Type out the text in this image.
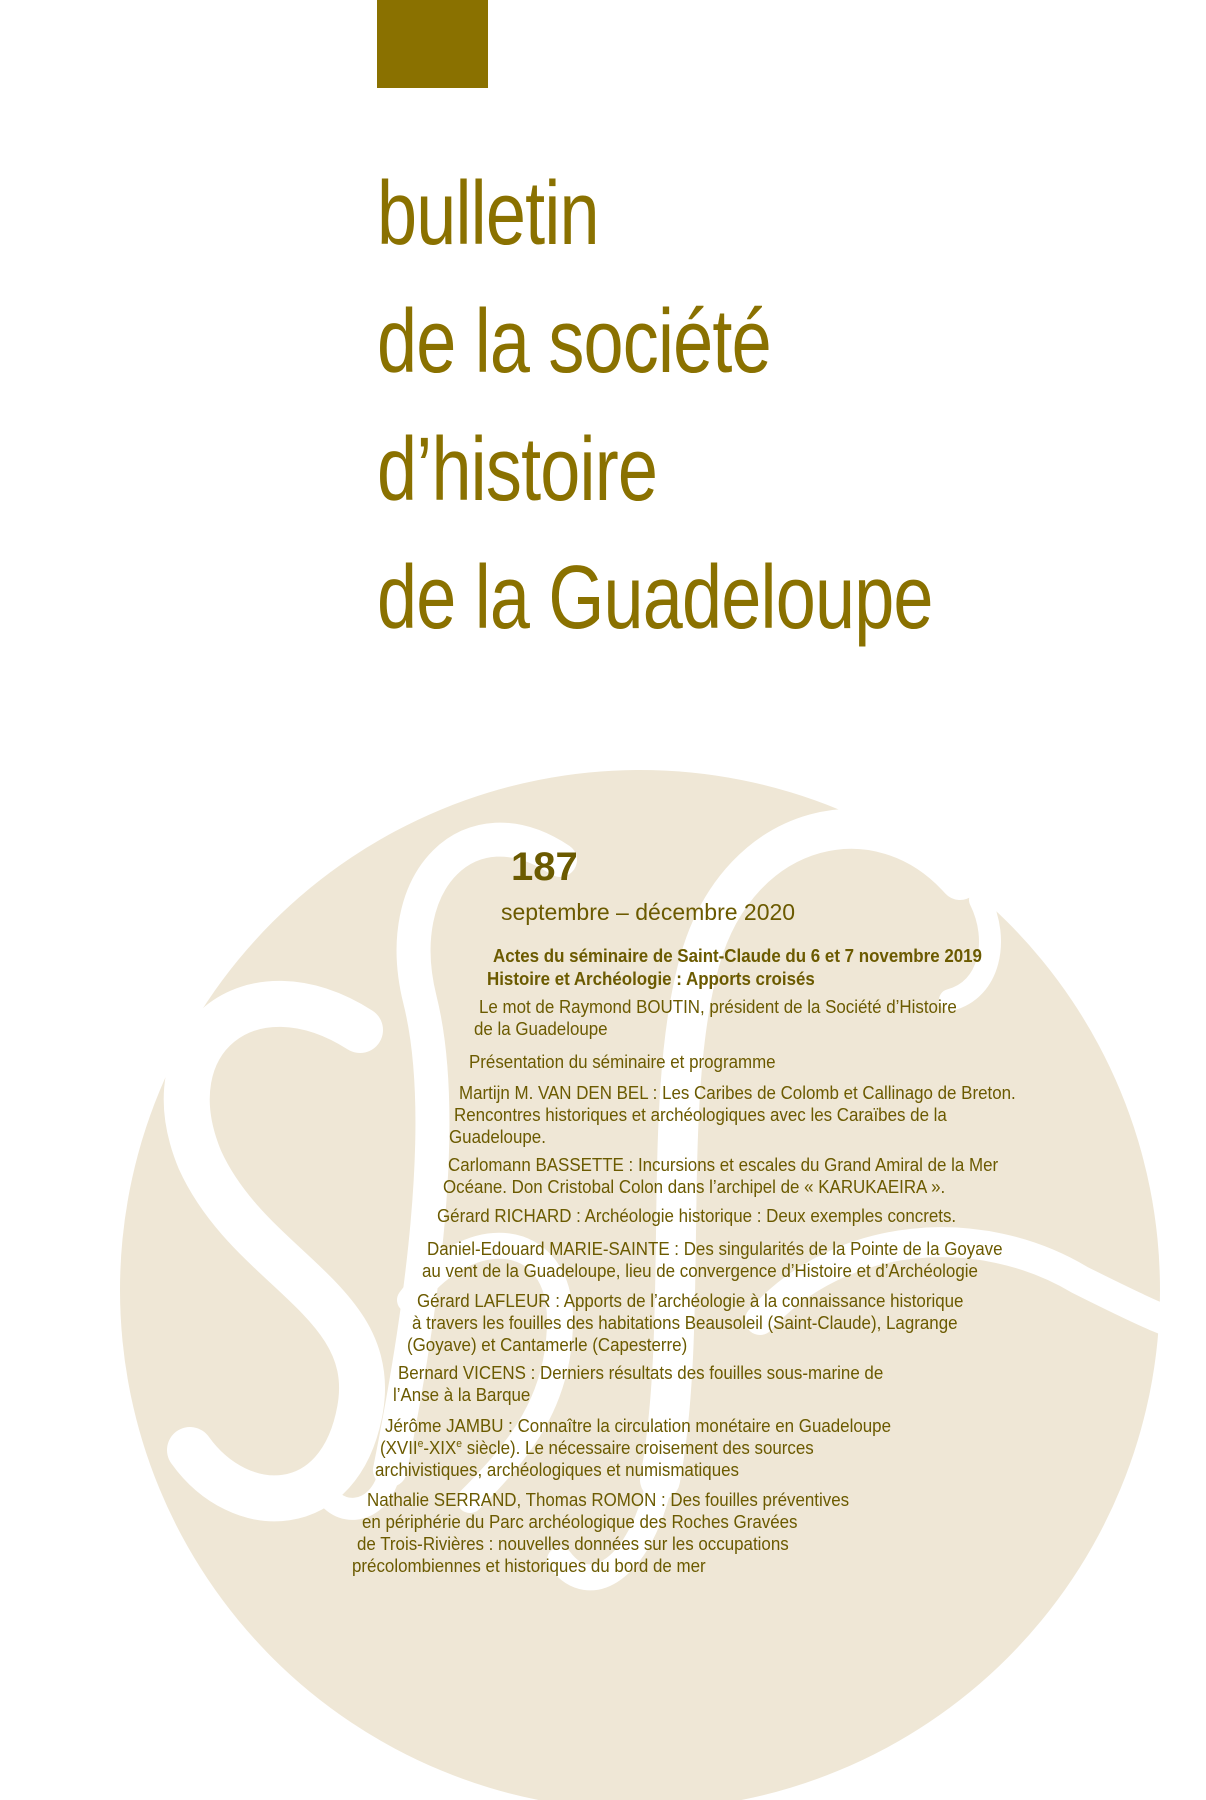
bulletin
de la société
d’histoire
de la Guadeloupe
187
septembre – décembre 2020
Actes du séminaire de Saint-Claude du 6 et 7 novembre 2019
Histoire et Archéologie : Apports croisés
Le mot de Raymond BOUTIN, président de la Société d’Histoire
de la Guadeloupe
Présentation du séminaire et programme
Martijn M. VAN DEN BEL : Les Caribes de Colomb et Callinago de Breton.
Rencontres historiques et archéologiques avec les Caraïbes de la
Guadeloupe.
Carlomann BASSETTE : Incursions et escales du Grand Amiral de la Mer
Océane. Don Cristobal Colon dans l’archipel de « KARUKAEIRA ».
Gérard RICHARD : Archéologie historique : Deux exemples concrets.
Daniel-Edouard MARIE-SAINTE : Des singularités de la Pointe de la Goyave
au vent de la Guadeloupe, lieu de convergence d’Histoire et d’Archéologie
Gérard LAFLEUR : Apports de l’archéologie à la connaissance historique
à travers les fouilles des habitations Beausoleil (Saint-Claude), Lagrange
(Goyave) et Cantamerle (Capesterre)
Bernard VICENS : Derniers résultats des fouilles sous-marine de
l’Anse à la Barque
Jérôme JAMBU : Connaître la circulation monétaire en Guadeloupe
(XVIIe-XIXe siècle). Le nécessaire croisement des sources
archivistiques, archéologiques et numismatiques
Nathalie SERRAND, Thomas ROMON : Des fouilles préventives
en périphérie du Parc archéologique des Roches Gravées
de Trois-Rivières : nouvelles données sur les occupations
précolombiennes et historiques du bord de mer
